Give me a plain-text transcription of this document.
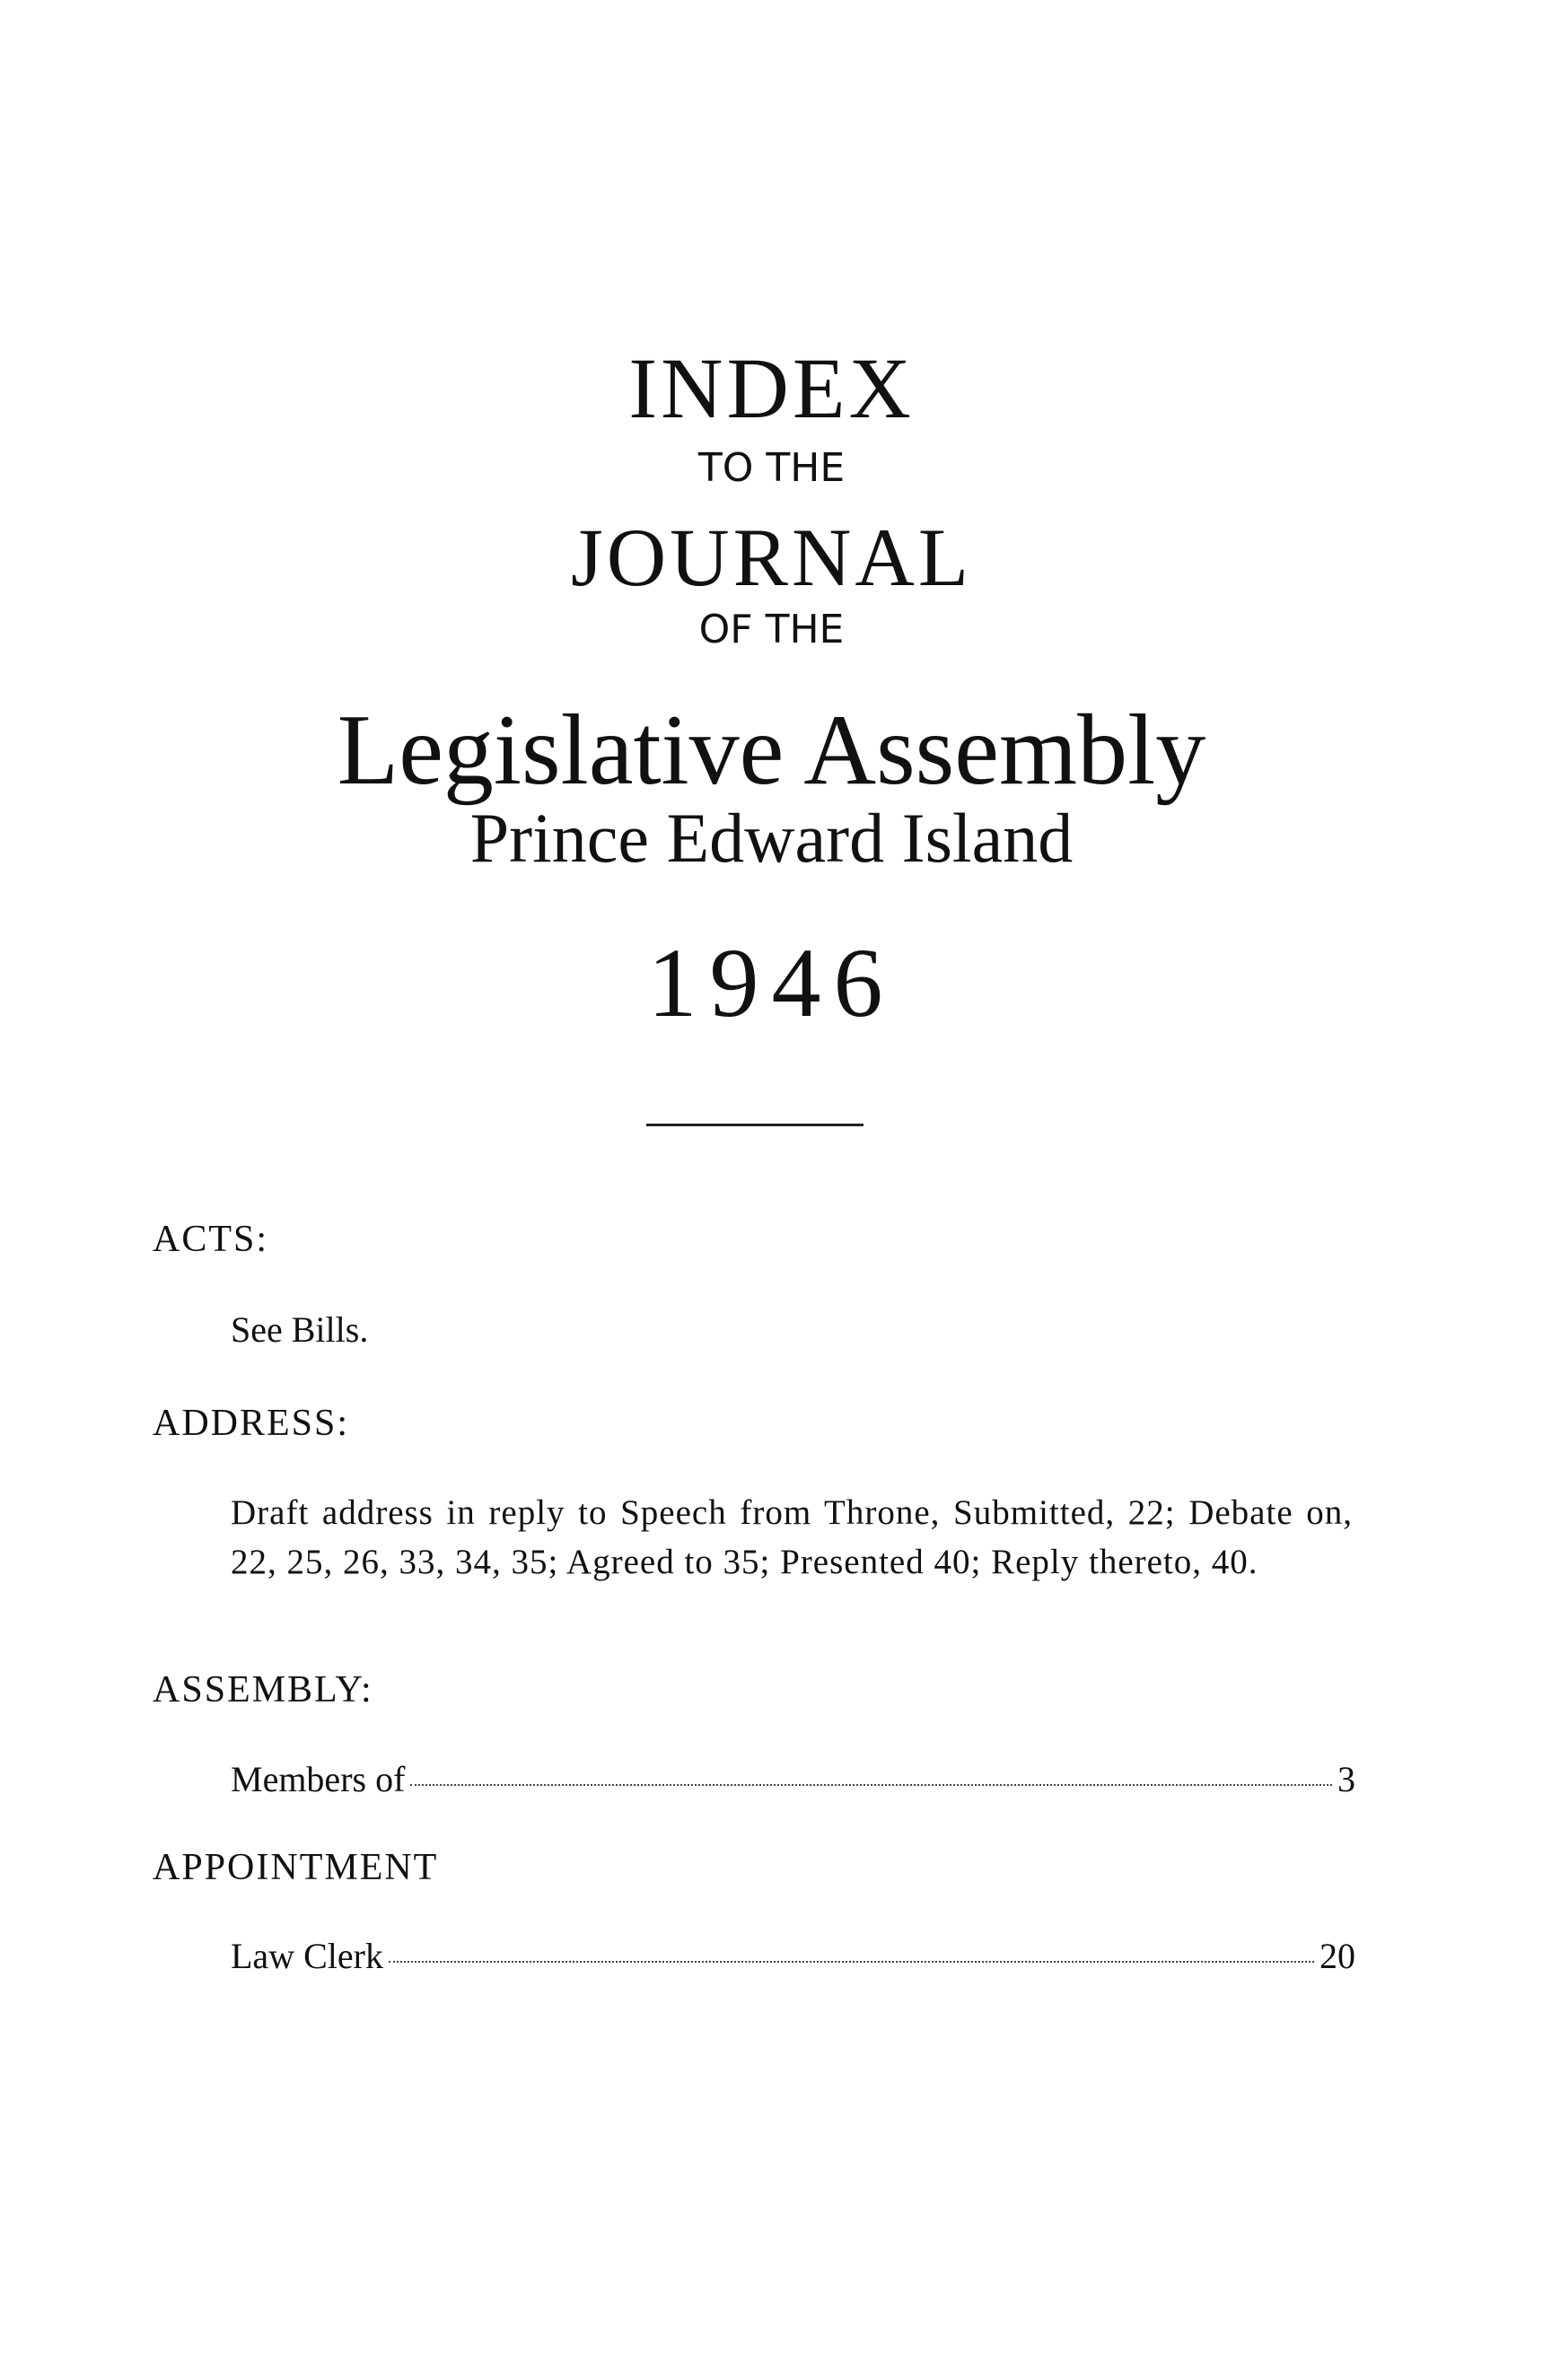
INDEX
TO THE
JOURNAL
OF THE
Legislative Assembly
Prince Edward Island
1946
ACTS:
See Bills.
ADDRESS:
Draft address in reply to Speech from Throne, Submitted, 22; Debate on, 22, 25, 26, 33, 34, 35; Agreed to 35; Presented 40; Reply thereto, 40.
ASSEMBLY:
Members of	3
APPOINTMENT
Law Clerk	20
